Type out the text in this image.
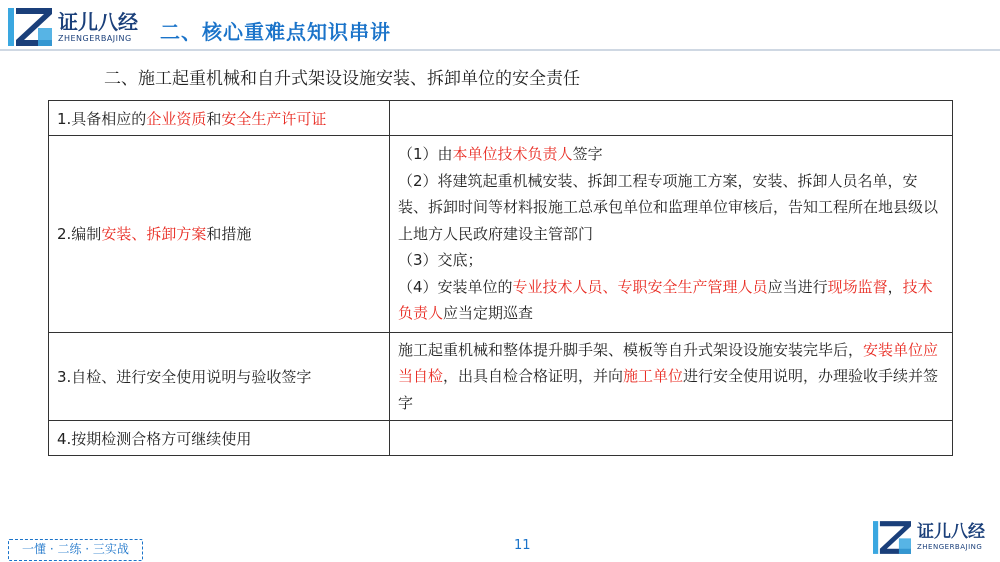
证儿八经
ZHENGERBAJING	二、核心重难点知识串讲
二、施工起重机械和自升式架设设施安装、拆卸单位的安全责任
1.具备相应的企业资质和安全生产许可证	
2.编制安装、拆卸方案和措施	（1）由本单位技术负责人签字
（2）将建筑起重机械安装、拆卸工程专项施工方案，安装、拆卸人员名单，安装、拆卸时间等材料报施工总承包单位和监理单位审核后，告知工程所在地县级以上地方人民政府建设主管部门
（3）交底；
（4）安装单位的专业技术人员、专职安全生产管理人员应当进行现场监督，技术负责人应当定期巡查
3.自检、进行安全使用说明与验收签字	施工起重机械和整体提升脚手架、模板等自升式架设设施安装完毕后，安装单位应当自检，出具自检合格证明，并向施工单位进行安全使用说明，办理验收手续并签字
4.按期检测合格方可继续使用	
一懂 · 二练 · 三实战	11
证儿八经
ZHENGERBAJING
